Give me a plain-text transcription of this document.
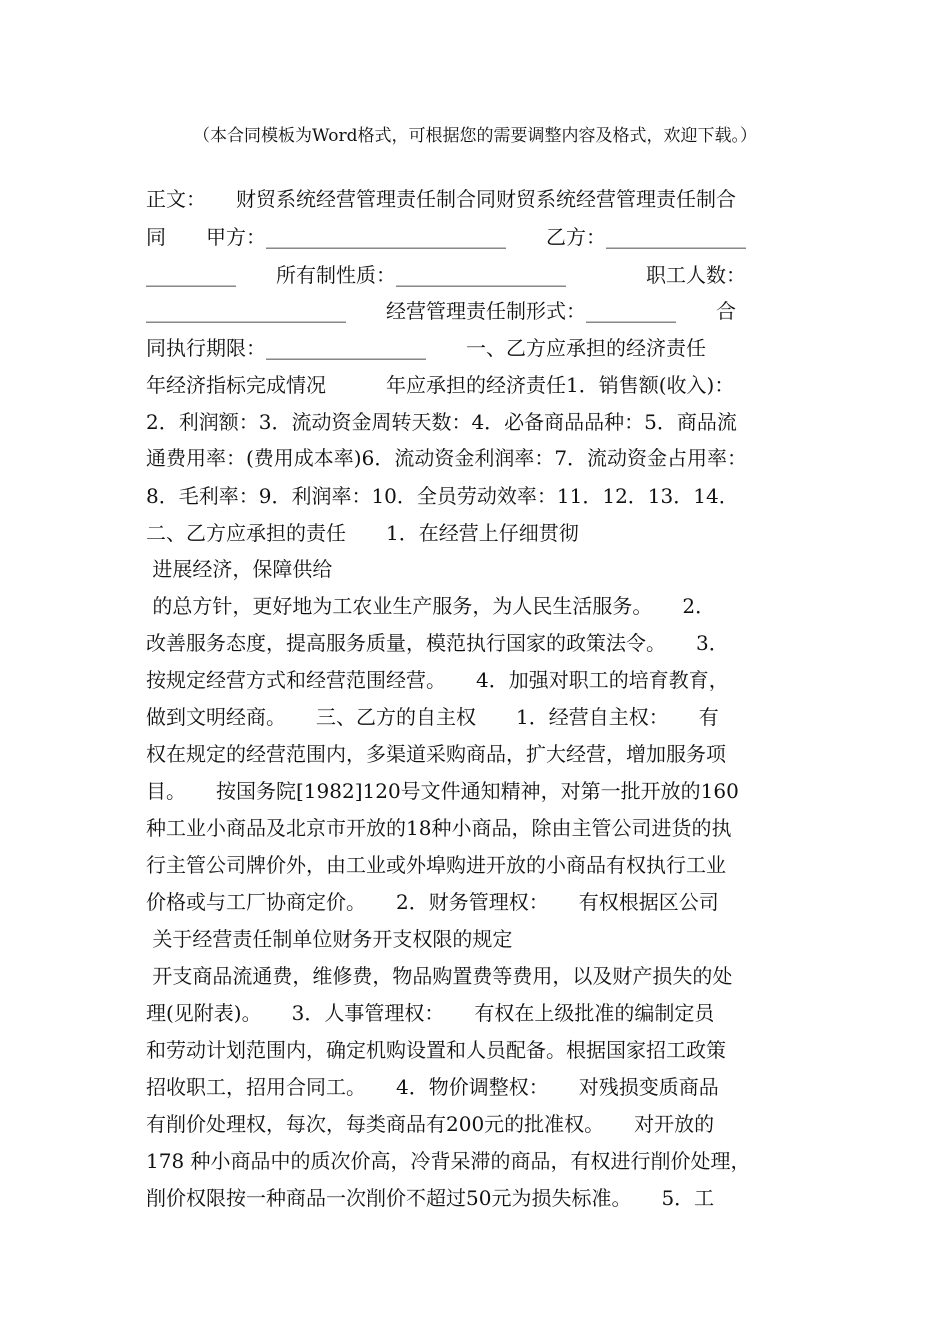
（本合同模板为Word格式，可根据您的需要调整内容及格式，欢迎下载。）
正文：　　财贸系统经营管理责任制合同财贸系统经营管理责任制合
同　　甲方：________________________　　乙方：______________
_________　　所有制性质：_________________　　　　职工人数：
____________________　　经营管理责任制形式：_________　　合
同执行期限：________________　　一、乙方应承担的经济责任
年经济指标完成情况　　　年应承担的经济责任1．销售额(收入)：
2．利润额：3．流动资金周转天数：4．必备商品品种：5．商品流
通费用率：(费用成本率)6．流动资金利润率：7．流动资金占用率：
8．毛利率：9．利润率：10．全员劳动效率：11．12．13．14．
二、乙方应承担的责任　　1．在经营上仔细贯彻
进展经济，保障供给
的总方针，更好地为工农业生产服务，为人民生活服务。　　2．
改善服务态度，提高服务质量，模范执行国家的政策法令。　　3．
按规定经营方式和经营范围经营。　　4．加强对职工的培育教育，
做到文明经商。　　三、乙方的自主权　　1．经营自主权：　　有
权在规定的经营范围内，多渠道采购商品，扩大经营，增加服务项
目。　　按国务院[1982]120号文件通知精神，对第一批开放的160
种工业小商品及北京市开放的18种小商品，除由主管公司进货的执
行主管公司牌价外，由工业或外埠购进开放的小商品有权执行工业
价格或与工厂协商定价。　　2．财务管理权：　　有权根据区公司
关于经营责任制单位财务开支权限的规定
开支商品流通费，维修费，物品购置费等费用，以及财产损失的处
理(见附表)。　　3．人事管理权：　　有权在上级批准的编制定员
和劳动计划范围内，确定机购设置和人员配备。根据国家招工政策
招收职工，招用合同工。　　4．物价调整权：　　对残损变质商品
有削价处理权，每次，每类商品有200元的批准权。　　对开放的
178 种小商品中的质次价高，冷背呆滞的商品，有权进行削价处理，
削价权限按一种商品一次削价不超过50元为损失标准。　　5．工
